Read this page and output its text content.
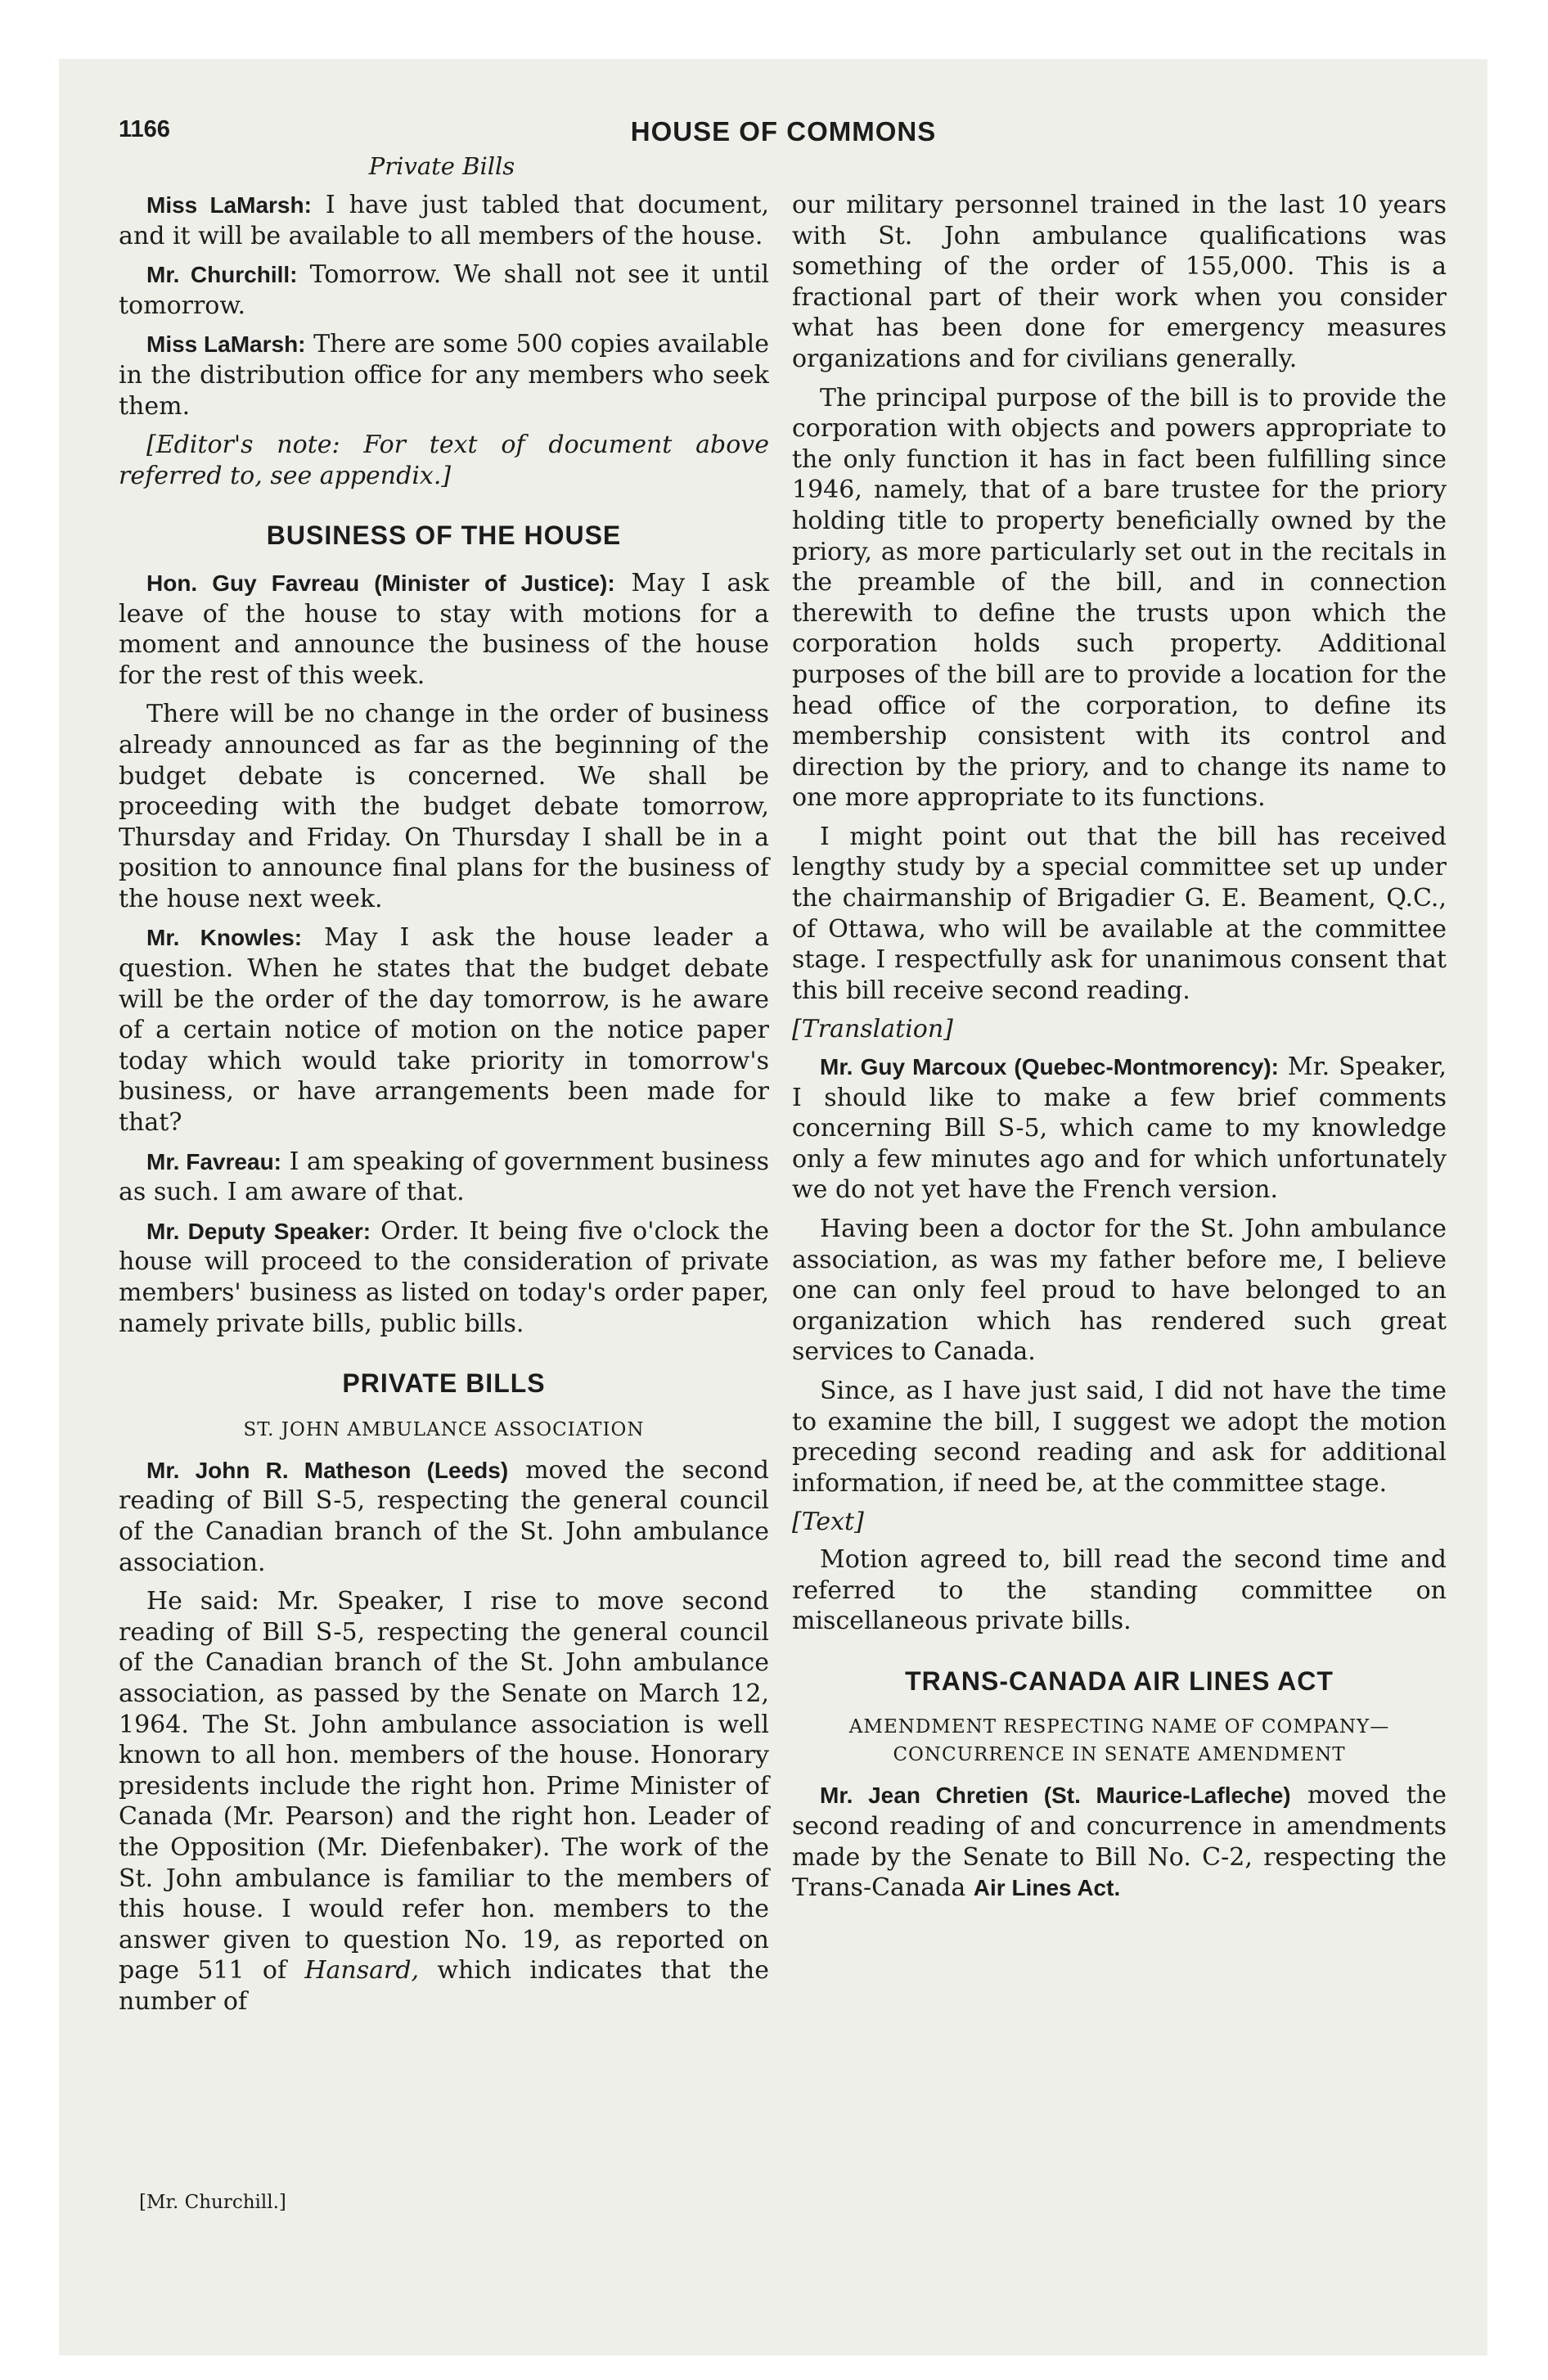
1166	HOUSE OF COMMONS
Private Bills

Miss LaMarsh: I have just tabled that document, and it will be available to all members of the house.

Mr. Churchill: Tomorrow. We shall not see it until tomorrow.

Miss LaMarsh: There are some 500 copies available in the distribution office for any members who seek them.

[Editor's note: For text of document above referred to, see appendix.]

BUSINESS OF THE HOUSE

Hon. Guy Favreau (Minister of Justice): May I ask leave of the house to stay with motions for a moment and announce the business of the house for the rest of this week.

There will be no change in the order of business already announced as far as the beginning of the budget debate is concerned. We shall be proceeding with the budget debate tomorrow, Thursday and Friday. On Thursday I shall be in a position to announce final plans for the business of the house next week.

Mr. Knowles: May I ask the house leader a question. When he states that the budget debate will be the order of the day tomorrow, is he aware of a certain notice of motion on the notice paper today which would take priority in tomorrow's business, or have arrangements been made for that?

Mr. Favreau: I am speaking of government business as such. I am aware of that.

Mr. Deputy Speaker: Order. It being five o'clock the house will proceed to the consideration of private members' business as listed on today's order paper, namely private bills, public bills.

PRIVATE BILLS
ST. JOHN AMBULANCE ASSOCIATION

Mr. John R. Matheson (Leeds) moved the second reading of Bill S-5, respecting the general council of the Canadian branch of the St. John ambulance association.

He said: Mr. Speaker, I rise to move second reading of Bill S-5, respecting the general council of the Canadian branch of the St. John ambulance association, as passed by the Senate on March 12, 1964. The St. John ambulance association is well known to all hon. members of the house. Honorary presidents include the right hon. Prime Minister of Canada (Mr. Pearson) and the right hon. Leader of the Opposition (Mr. Diefenbaker). The work of the St. John ambulance is familiar to the members of this house. I would refer hon. members to the answer given to question No. 19, as reported on page 511 of Hansard, which indicates that the number of

[Mr. Churchill.]

our military personnel trained in the last 10 years with St. John ambulance qualifications was something of the order of 155,000. This is a fractional part of their work when you consider what has been done for emergency measures organizations and for civilians generally.

The principal purpose of the bill is to provide the corporation with objects and powers appropriate to the only function it has in fact been fulfilling since 1946, namely, that of a bare trustee for the priory holding title to property beneficially owned by the priory, as more particularly set out in the recitals in the preamble of the bill, and in connection therewith to define the trusts upon which the corporation holds such property. Additional purposes of the bill are to provide a location for the head office of the corporation, to define its membership consistent with its control and direction by the priory, and to change its name to one more appropriate to its functions.

I might point out that the bill has received lengthy study by a special committee set up under the chairmanship of Brigadier G. E. Beament, Q.C., of Ottawa, who will be available at the committee stage. I respectfully ask for unanimous consent that this bill receive second reading.

[Translation]

Mr. Guy Marcoux (Quebec-Montmorency): Mr. Speaker, I should like to make a few brief comments concerning Bill S-5, which came to my knowledge only a few minutes ago and for which unfortunately we do not yet have the French version.

Having been a doctor for the St. John ambulance association, as was my father before me, I believe one can only feel proud to have belonged to an organization which has rendered such great services to Canada.

Since, as I have just said, I did not have the time to examine the bill, I suggest we adopt the motion preceding second reading and ask for additional information, if need be, at the committee stage.

[Text]

Motion agreed to, bill read the second time and referred to the standing committee on miscellaneous private bills.

TRANS-CANADA AIR LINES ACT
AMENDMENT RESPECTING NAME OF COMPANY— CONCURRENCE IN SENATE AMENDMENT

Mr. Jean Chretien (St. Maurice-Lafleche) moved the second reading of and concurrence in amendments made by the Senate to Bill No. C-2, respecting the Trans-Canada Air Lines Act.
